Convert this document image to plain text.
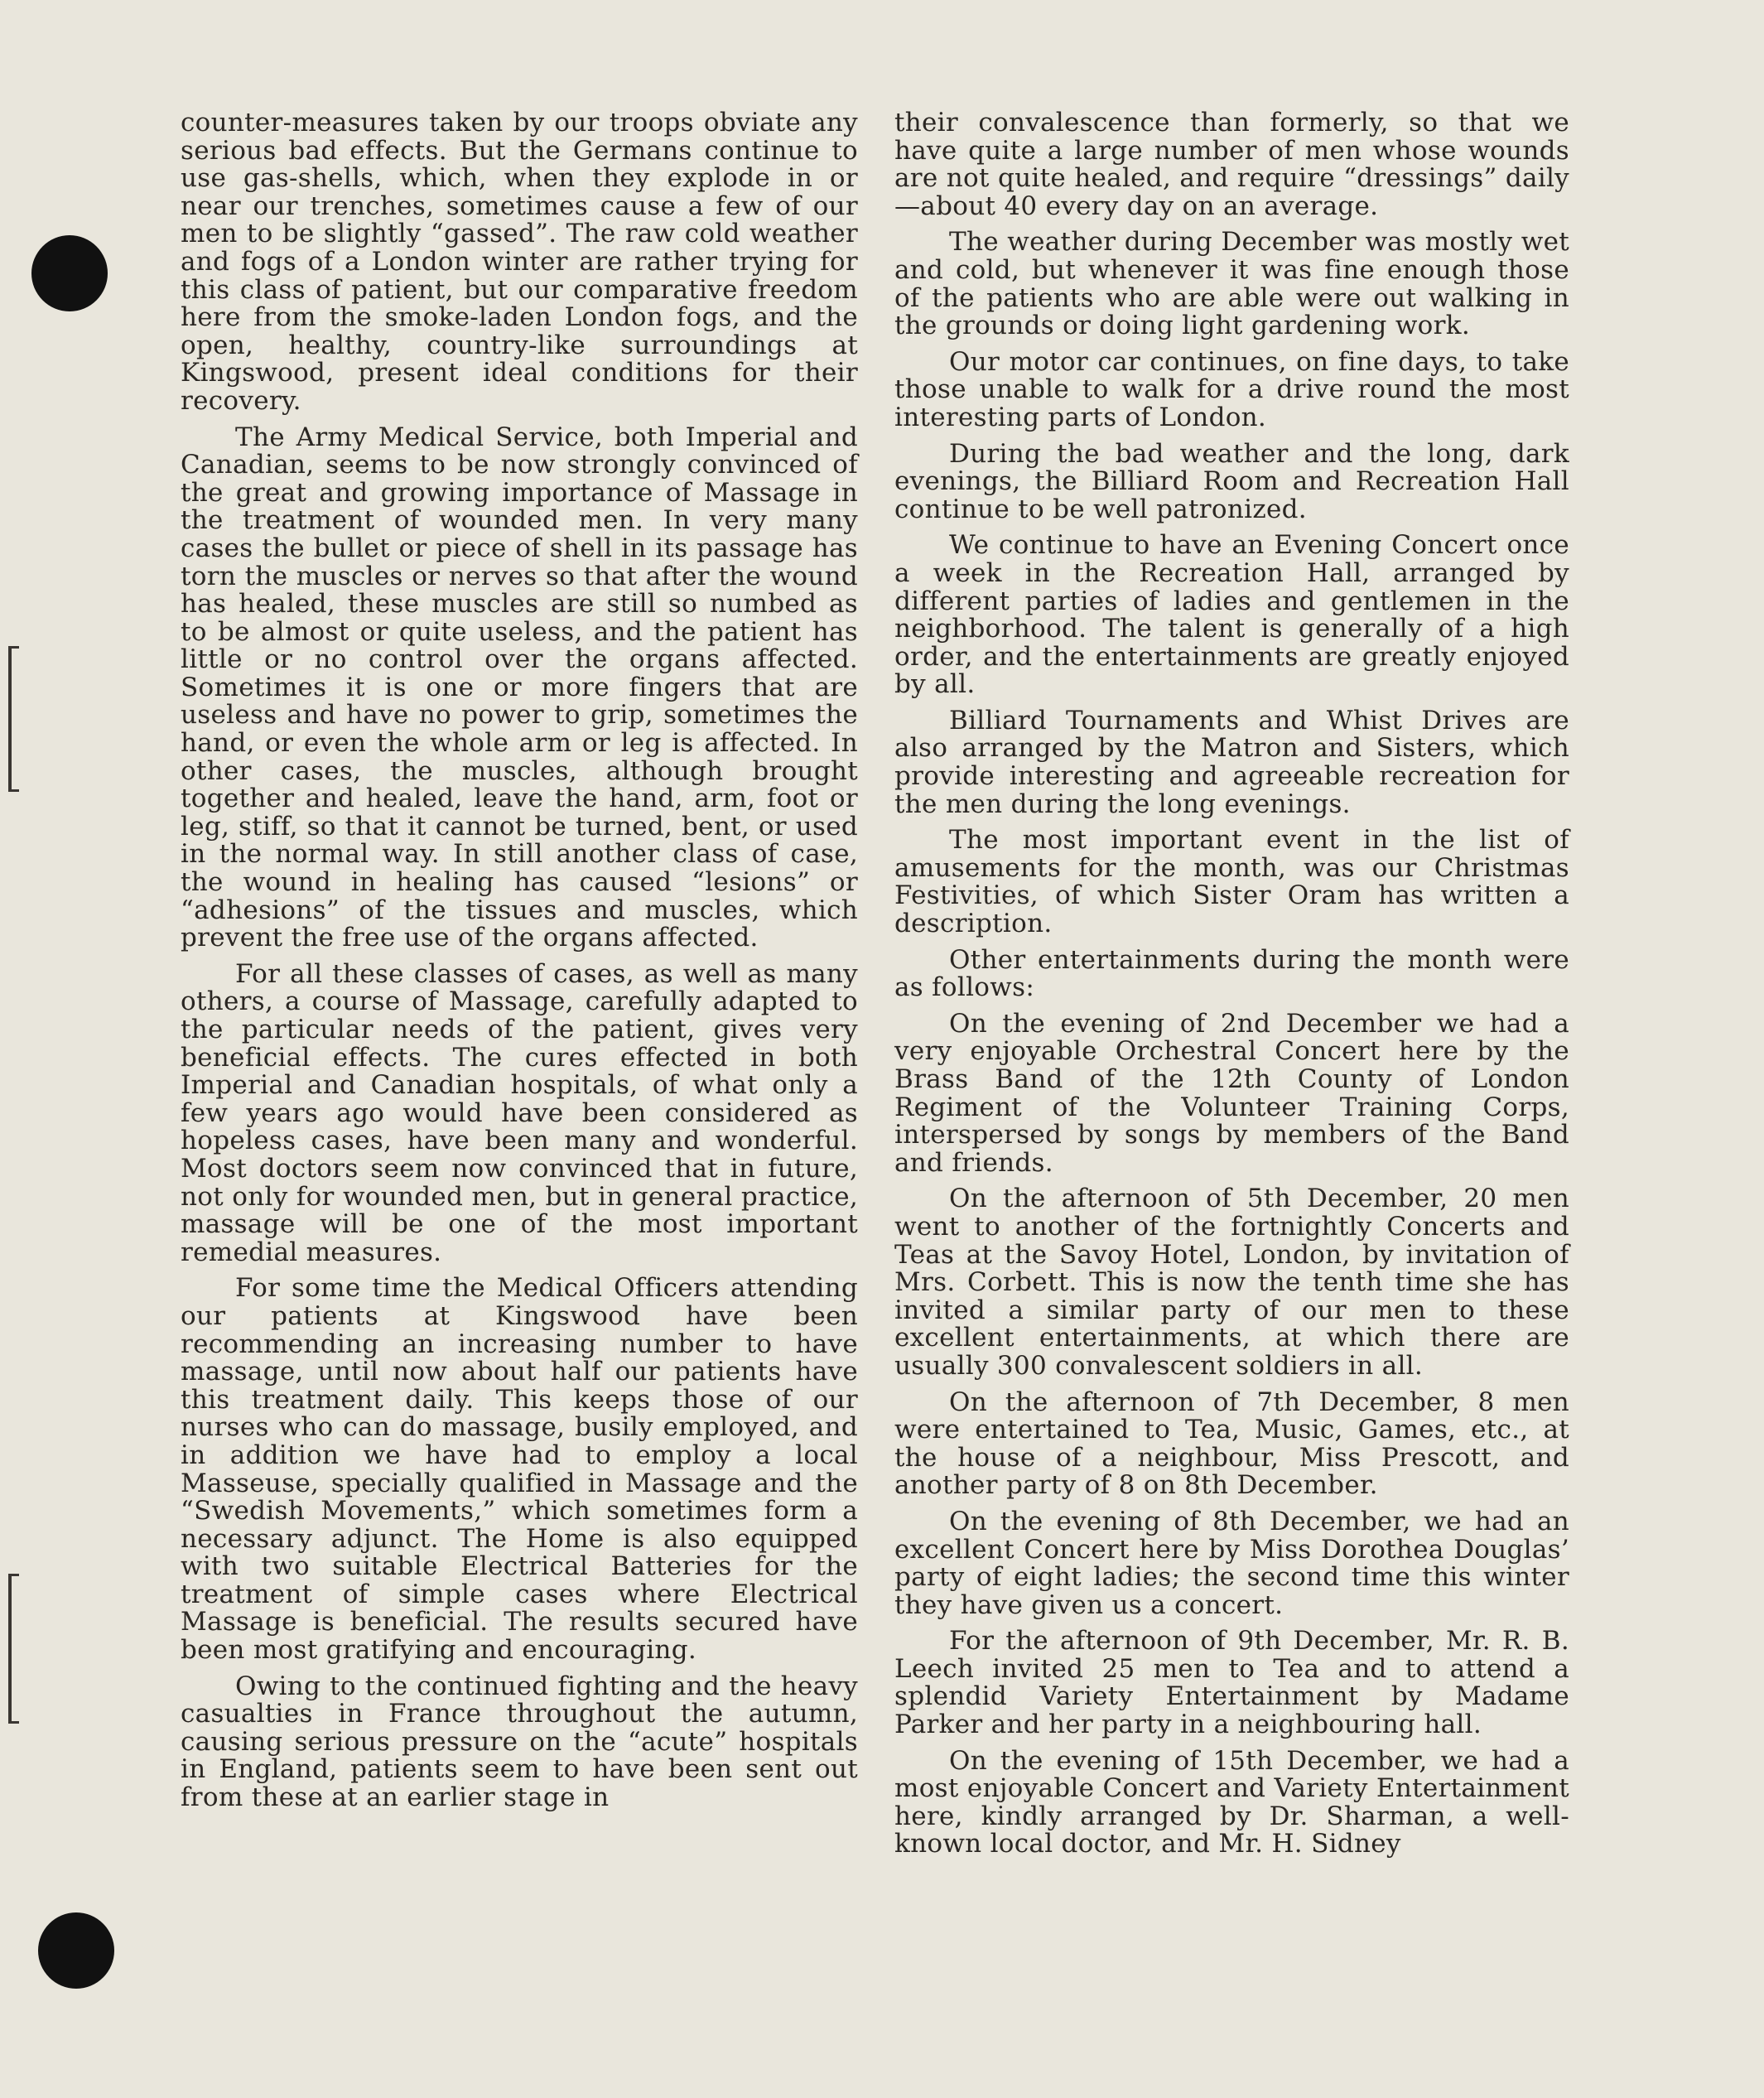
counter-measures taken by our troops obviate any serious bad effects. But the Germans continue to use gas-shells, which, when they explode in or near our trenches, sometimes cause a few of our men to be slightly “gassed”. The raw cold weather and fogs of a London winter are rather trying for this class of patient, but our comparative freedom here from the smoke-laden London fogs, and the open, healthy, country-like surroundings at Kingswood, present ideal conditions for their recovery.

The Army Medical Service, both Imperial and Canadian, seems to be now strongly convinced of the great and growing importance of Massage in the treatment of wounded men. In very many cases the bullet or piece of shell in its passage has torn the muscles or nerves so that after the wound has healed, these muscles are still so numbed as to be almost or quite useless, and the patient has little or no control over the organs affected. Sometimes it is one or more fingers that are useless and have no power to grip, sometimes the hand, or even the whole arm or leg is affected. In other cases, the muscles, although brought together and healed, leave the hand, arm, foot or leg, stiff, so that it cannot be turned, bent, or used in the normal way. In still another class of case, the wound in healing has caused “lesions” or “adhesions” of the tissues and muscles, which prevent the free use of the organs affected.

For all these classes of cases, as well as many others, a course of Massage, carefully adapted to the particular needs of the patient, gives very beneficial effects. The cures effected in both Imperial and Canadian hospitals, of what only a few years ago would have been considered as hopeless cases, have been many and wonderful. Most doctors seem now convinced that in future, not only for wounded men, but in general practice, massage will be one of the most important remedial measures.

For some time the Medical Officers attending our patients at Kingswood have been recommending an increasing number to have massage, until now about half our patients have this treatment daily. This keeps those of our nurses who can do massage, busily employed, and in addition we have had to employ a local Masseuse, specially qualified in Massage and the “Swedish Movements,” which sometimes form a necessary adjunct. The Home is also equipped with two suitable Electrical Batteries for the treatment of simple cases where Electrical Massage is beneficial. The results secured have been most gratifying and encouraging.

Owing to the continued fighting and the heavy casualties in France throughout the autumn, causing serious pressure on the “acute” hospitals in England, patients seem to have been sent out from these at an earlier stage in

their convalescence than formerly, so that we have quite a large number of men whose wounds are not quite healed, and require “dressings” daily—about 40 every day on an average.

The weather during December was mostly wet and cold, but whenever it was fine enough those of the patients who are able were out walking in the grounds or doing light gardening work.

Our motor car continues, on fine days, to take those unable to walk for a drive round the most interesting parts of London.

During the bad weather and the long, dark evenings, the Billiard Room and Recreation Hall continue to be well patronized.

We continue to have an Evening Concert once a week in the Recreation Hall, arranged by different parties of ladies and gentlemen in the neighborhood. The talent is generally of a high order, and the entertainments are greatly enjoyed by all.

Billiard Tournaments and Whist Drives are also arranged by the Matron and Sisters, which provide interesting and agreeable recreation for the men during the long evenings.

The most important event in the list of amusements for the month, was our Christmas Festivities, of which Sister Oram has written a description.

Other entertainments during the month were as follows:

On the evening of 2nd December we had a very enjoyable Orchestral Concert here by the Brass Band of the 12th County of London Regiment of the Volunteer Training Corps, interspersed by songs by members of the Band and friends.

On the afternoon of 5th December, 20 men went to another of the fortnightly Concerts and Teas at the Savoy Hotel, London, by invitation of Mrs. Corbett. This is now the tenth time she has invited a similar party of our men to these excellent entertainments, at which there are usually 300 convalescent soldiers in all.

On the afternoon of 7th December, 8 men were entertained to Tea, Music, Games, etc., at the house of a neighbour, Miss Prescott, and another party of 8 on 8th December.

On the evening of 8th December, we had an excellent Concert here by Miss Dorothea Douglas’ party of eight ladies; the second time this winter they have given us a concert.

For the afternoon of 9th December, Mr. R. B. Leech invited 25 men to Tea and to attend a splendid Variety Entertainment by Madame Parker and her party in a neighbouring hall.

On the evening of 15th December, we had a most enjoyable Concert and Variety Entertainment here, kindly arranged by Dr. Sharman, a well-known local doctor, and Mr. H. Sidney
